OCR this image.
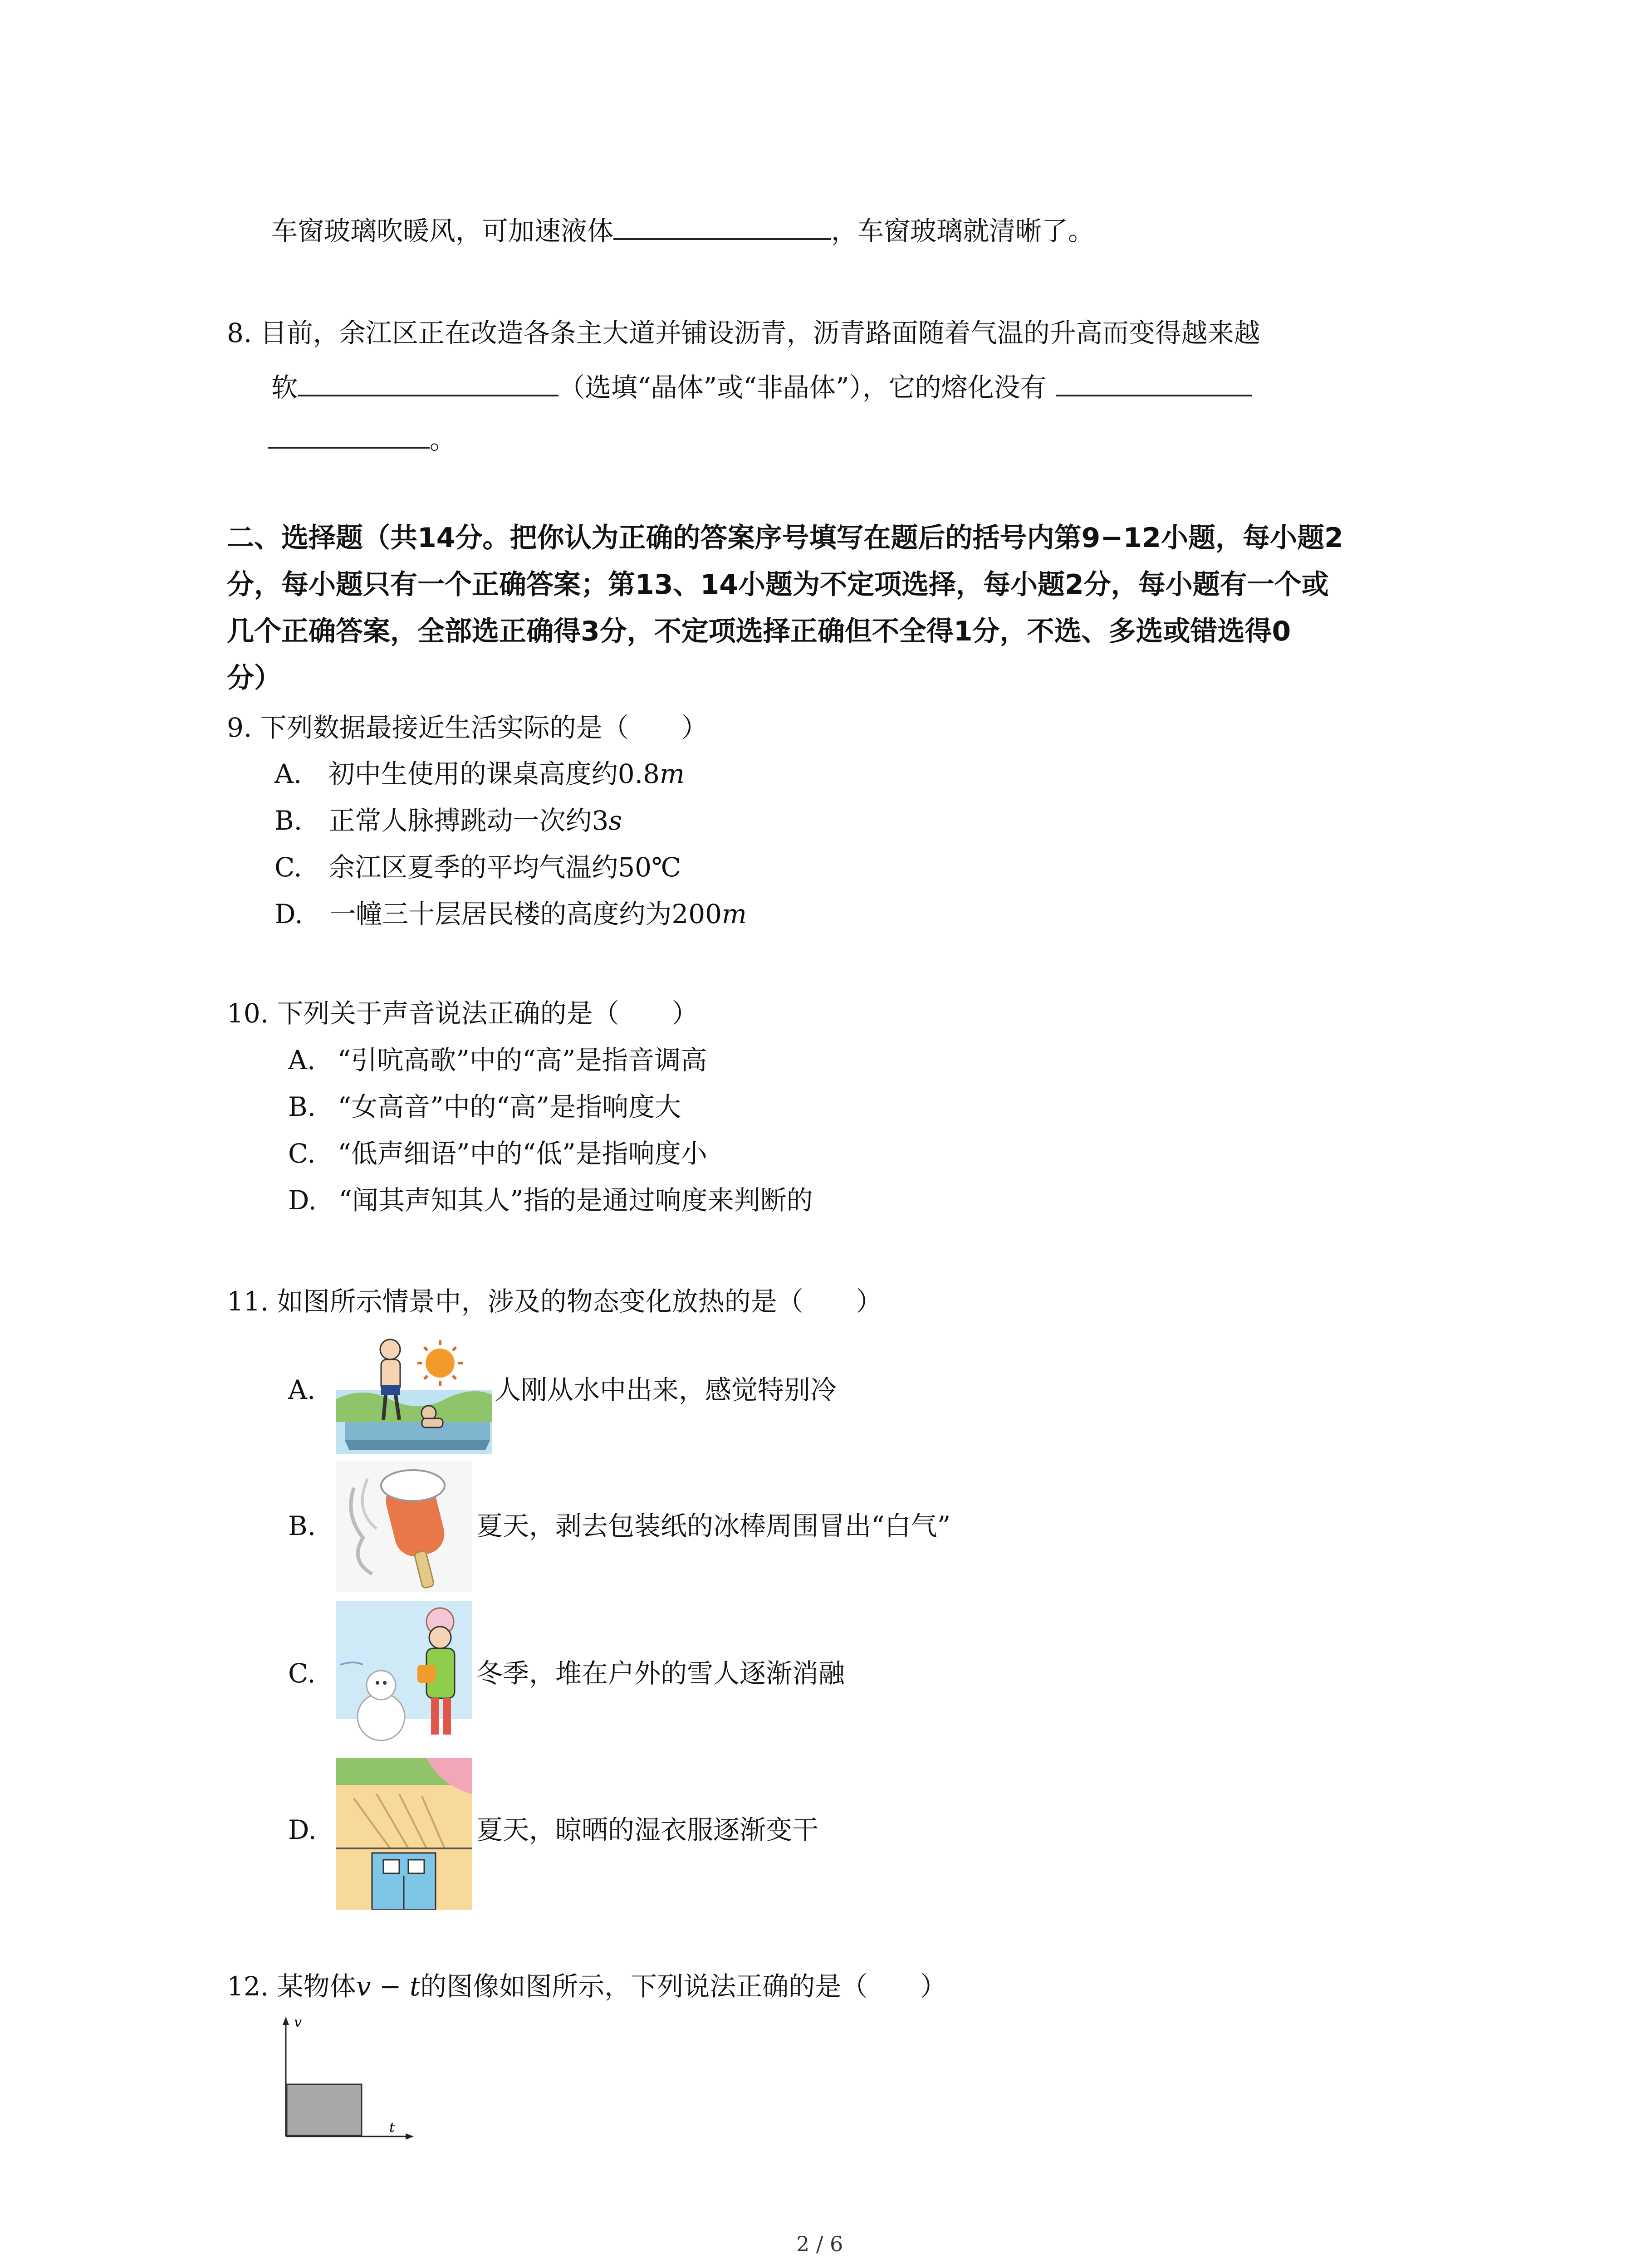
车窗玻璃吹暖风，可加速液体	，车窗玻璃就清晰了。
8. 目前，余江区正在改造各条主大道并铺设沥青，沥青路面随着气温的升高而变得越来越
软	（选填“晶体”或“非晶体”），它的熔化没有
。
二、选择题（共14分。把你认为正确的答案序号填写在题后的括号内第9−12小题，每小题2
分，每小题只有一个正确答案；第13、14小题为不定项选择，每小题2分，每小题有一个或
几个正确答案，全部选正确得3分，不定项选择正确但不全得1分，不选、多选或错选得0
分）
9. 下列数据最接近生活实际的是（　　）
A. 初中生使用的课桌高度约0.8m
B. 正常人脉搏跳动一次约3s
C. 余江区夏季的平均气温约50℃
D. 一幢三十层居民楼的高度约为200m
10. 下列关于声音说法正确的是（　　）
A. “引吭高歌”中的“高”是指音调高
B. “女高音”中的“高”是指响度大
C. “低声细语”中的“低”是指响度小
D. “闻其声知其人”指的是通过响度来判断的
11. 如图所示情景中，涉及的物态变化放热的是（　　）
A.	人刚从水中出来，感觉特别冷
B.	夏天，剥去包装纸的冰棒周围冒出“白气”
C.	冬季，堆在户外的雪人逐渐消融
D.	夏天，晾晒的湿衣服逐渐变干
12. 某物体v − t的图像如图所示，下列说法正确的是（　　）
v
t
2 / 6
